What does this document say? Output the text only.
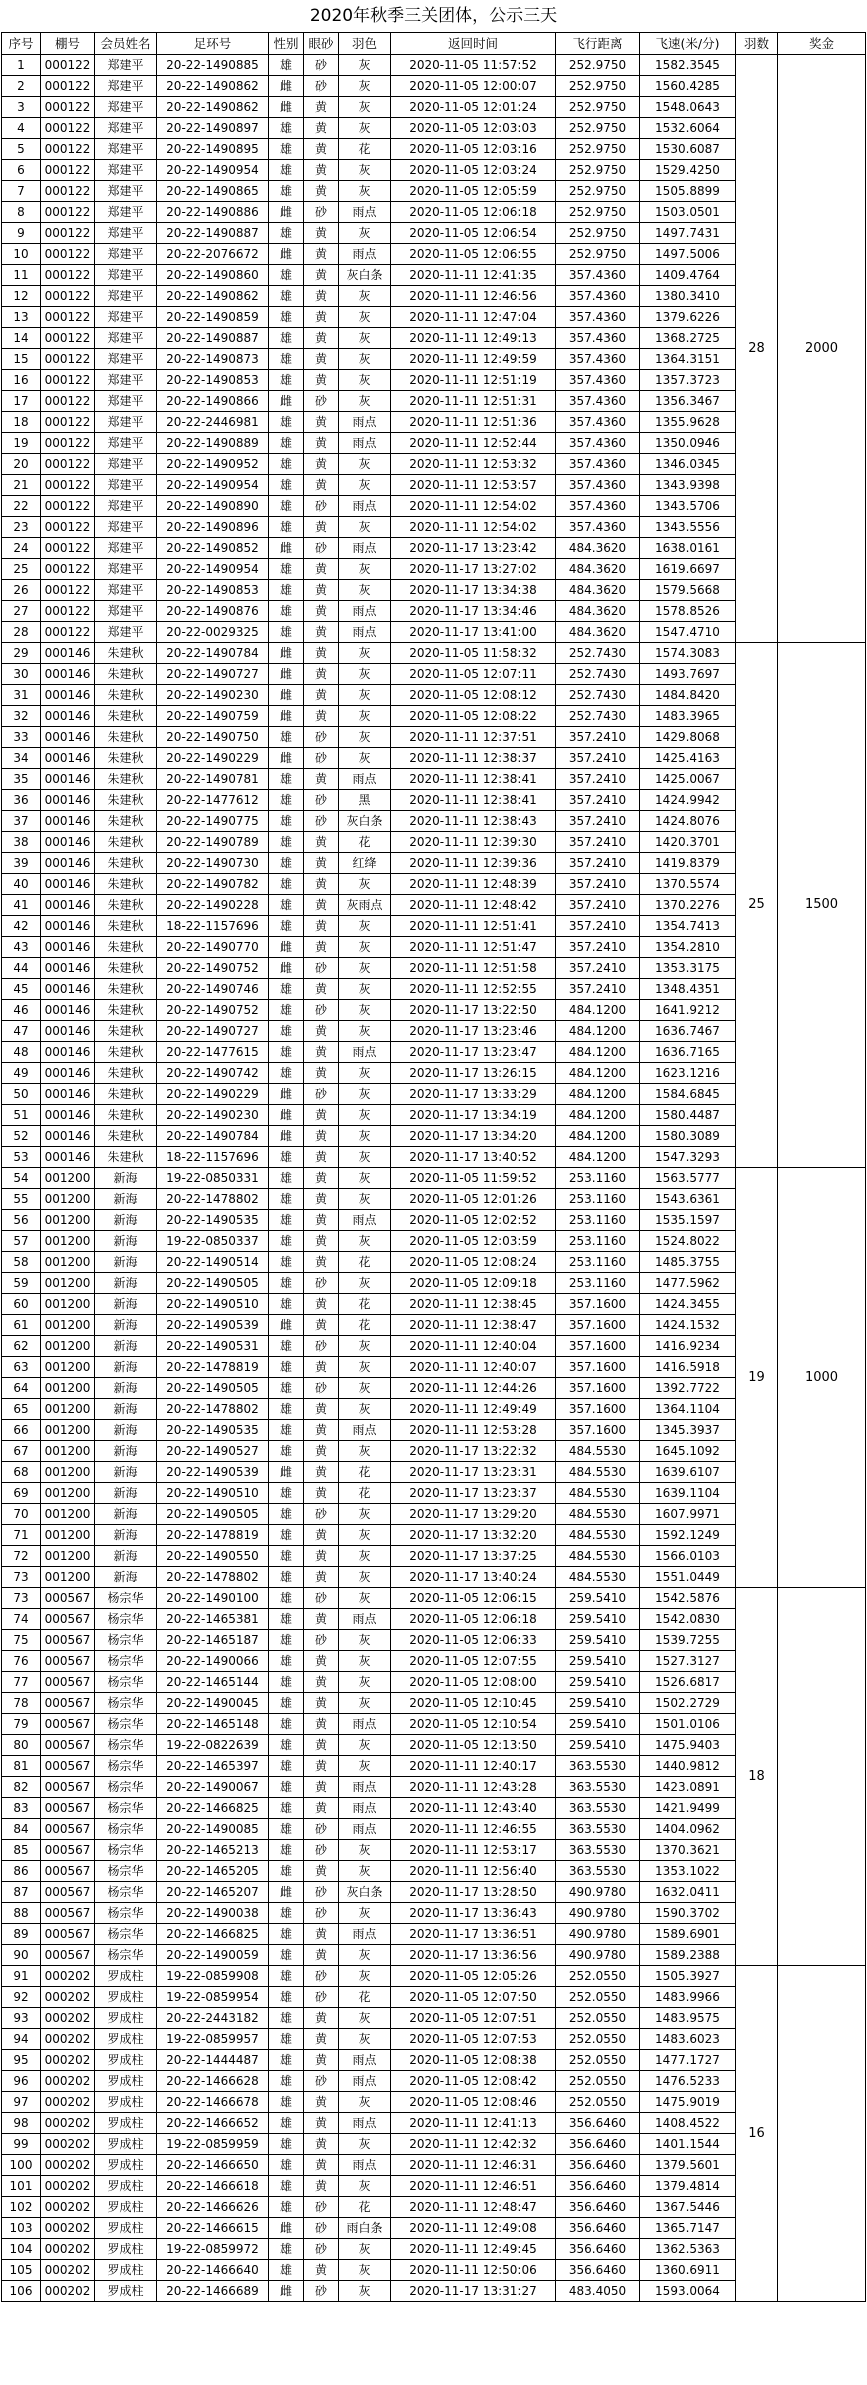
2020年秋季三关团体，公示三天
序号	棚号	会员姓名	足环号	性别	眼砂	羽色	返回时间	飞行距离	飞速(米/分)	羽数	奖金
1	000122	郑建平	20-22-1490885	雄	砂	灰	2020-11-05 11:57:52	252.9750	1582.3545	28	2000
2	000122	郑建平	20-22-1490862	雌	砂	灰	2020-11-05 12:00:07	252.9750	1560.4285		
3	000122	郑建平	20-22-1490862	雌	黄	灰	2020-11-05 12:01:24	252.9750	1548.0643		
4	000122	郑建平	20-22-1490897	雄	黄	灰	2020-11-05 12:03:03	252.9750	1532.6064		
5	000122	郑建平	20-22-1490895	雄	黄	花	2020-11-05 12:03:16	252.9750	1530.6087		
6	000122	郑建平	20-22-1490954	雄	黄	灰	2020-11-05 12:03:24	252.9750	1529.4250		
7	000122	郑建平	20-22-1490865	雄	黄	灰	2020-11-05 12:05:59	252.9750	1505.8899		
8	000122	郑建平	20-22-1490886	雌	砂	雨点	2020-11-05 12:06:18	252.9750	1503.0501		
9	000122	郑建平	20-22-1490887	雄	黄	灰	2020-11-05 12:06:54	252.9750	1497.7431		
10	000122	郑建平	20-22-2076672	雌	黄	雨点	2020-11-05 12:06:55	252.9750	1497.5006		
11	000122	郑建平	20-22-1490860	雄	黄	灰白条	2020-11-11 12:41:35	357.4360	1409.4764		
12	000122	郑建平	20-22-1490862	雄	黄	灰	2020-11-11 12:46:56	357.4360	1380.3410		
13	000122	郑建平	20-22-1490859	雄	黄	灰	2020-11-11 12:47:04	357.4360	1379.6226		
14	000122	郑建平	20-22-1490887	雄	黄	灰	2020-11-11 12:49:13	357.4360	1368.2725		
15	000122	郑建平	20-22-1490873	雄	黄	灰	2020-11-11 12:49:59	357.4360	1364.3151		
16	000122	郑建平	20-22-1490853	雄	黄	灰	2020-11-11 12:51:19	357.4360	1357.3723		
17	000122	郑建平	20-22-1490866	雌	砂	灰	2020-11-11 12:51:31	357.4360	1356.3467		
18	000122	郑建平	20-22-2446981	雄	黄	雨点	2020-11-11 12:51:36	357.4360	1355.9628		
19	000122	郑建平	20-22-1490889	雄	黄	雨点	2020-11-11 12:52:44	357.4360	1350.0946		
20	000122	郑建平	20-22-1490952	雄	黄	灰	2020-11-11 12:53:32	357.4360	1346.0345		
21	000122	郑建平	20-22-1490954	雄	黄	灰	2020-11-11 12:53:57	357.4360	1343.9398		
22	000122	郑建平	20-22-1490890	雄	砂	雨点	2020-11-11 12:54:02	357.4360	1343.5706		
23	000122	郑建平	20-22-1490896	雄	黄	灰	2020-11-11 12:54:02	357.4360	1343.5556		
24	000122	郑建平	20-22-1490852	雌	砂	雨点	2020-11-17 13:23:42	484.3620	1638.0161		
25	000122	郑建平	20-22-1490954	雄	黄	灰	2020-11-17 13:27:02	484.3620	1619.6697		
26	000122	郑建平	20-22-1490853	雄	黄	灰	2020-11-17 13:34:38	484.3620	1579.5668		
27	000122	郑建平	20-22-1490876	雄	黄	雨点	2020-11-17 13:34:46	484.3620	1578.8526		
28	000122	郑建平	20-22-0029325	雄	黄	雨点	2020-11-17 13:41:00	484.3620	1547.4710		
29	000146	朱建秋	20-22-1490784	雌	黄	灰	2020-11-05 11:58:32	252.7430	1574.3083	25	1500
30	000146	朱建秋	20-22-1490727	雌	黄	灰	2020-11-05 12:07:11	252.7430	1493.7697		
31	000146	朱建秋	20-22-1490230	雌	黄	灰	2020-11-05 12:08:12	252.7430	1484.8420		
32	000146	朱建秋	20-22-1490759	雌	黄	灰	2020-11-05 12:08:22	252.7430	1483.3965		
33	000146	朱建秋	20-22-1490750	雄	砂	灰	2020-11-11 12:37:51	357.2410	1429.8068		
34	000146	朱建秋	20-22-1490229	雌	砂	灰	2020-11-11 12:38:37	357.2410	1425.4163		
35	000146	朱建秋	20-22-1490781	雄	黄	雨点	2020-11-11 12:38:41	357.2410	1425.0067		
36	000146	朱建秋	20-22-1477612	雄	砂	黑	2020-11-11 12:38:41	357.2410	1424.9942		
37	000146	朱建秋	20-22-1490775	雄	砂	灰白条	2020-11-11 12:38:43	357.2410	1424.8076		
38	000146	朱建秋	20-22-1490789	雄	黄	花	2020-11-11 12:39:30	357.2410	1420.3701		
39	000146	朱建秋	20-22-1490730	雄	黄	红绛	2020-11-11 12:39:36	357.2410	1419.8379		
40	000146	朱建秋	20-22-1490782	雄	黄	灰	2020-11-11 12:48:39	357.2410	1370.5574		
41	000146	朱建秋	20-22-1490228	雄	黄	灰雨点	2020-11-11 12:48:42	357.2410	1370.2276		
42	000146	朱建秋	18-22-1157696	雄	黄	灰	2020-11-11 12:51:41	357.2410	1354.7413		
43	000146	朱建秋	20-22-1490770	雌	黄	灰	2020-11-11 12:51:47	357.2410	1354.2810		
44	000146	朱建秋	20-22-1490752	雌	砂	灰	2020-11-11 12:51:58	357.2410	1353.3175		
45	000146	朱建秋	20-22-1490746	雄	黄	灰	2020-11-11 12:52:55	357.2410	1348.4351		
46	000146	朱建秋	20-22-1490752	雄	砂	灰	2020-11-17 13:22:50	484.1200	1641.9212		
47	000146	朱建秋	20-22-1490727	雄	黄	灰	2020-11-17 13:23:46	484.1200	1636.7467		
48	000146	朱建秋	20-22-1477615	雄	黄	雨点	2020-11-17 13:23:47	484.1200	1636.7165		
49	000146	朱建秋	20-22-1490742	雄	黄	灰	2020-11-17 13:26:15	484.1200	1623.1216		
50	000146	朱建秋	20-22-1490229	雌	砂	灰	2020-11-17 13:33:29	484.1200	1584.6845		
51	000146	朱建秋	20-22-1490230	雌	黄	灰	2020-11-17 13:34:19	484.1200	1580.4487		
52	000146	朱建秋	20-22-1490784	雌	黄	灰	2020-11-17 13:34:20	484.1200	1580.3089		
53	000146	朱建秋	18-22-1157696	雄	黄	灰	2020-11-17 13:40:52	484.1200	1547.3293		
54	001200	新海	19-22-0850331	雄	黄	灰	2020-11-05 11:59:52	253.1160	1563.5777	19	1000
55	001200	新海	20-22-1478802	雄	黄	灰	2020-11-05 12:01:26	253.1160	1543.6361		
56	001200	新海	20-22-1490535	雄	黄	雨点	2020-11-05 12:02:52	253.1160	1535.1597		
57	001200	新海	19-22-0850337	雄	黄	灰	2020-11-05 12:03:59	253.1160	1524.8022		
58	001200	新海	20-22-1490514	雄	黄	花	2020-11-05 12:08:24	253.1160	1485.3755		
59	001200	新海	20-22-1490505	雄	砂	灰	2020-11-05 12:09:18	253.1160	1477.5962		
60	001200	新海	20-22-1490510	雄	黄	花	2020-11-11 12:38:45	357.1600	1424.3455		
61	001200	新海	20-22-1490539	雌	黄	花	2020-11-11 12:38:47	357.1600	1424.1532		
62	001200	新海	20-22-1490531	雄	砂	灰	2020-11-11 12:40:04	357.1600	1416.9234		
63	001200	新海	20-22-1478819	雄	黄	灰	2020-11-11 12:40:07	357.1600	1416.5918		
64	001200	新海	20-22-1490505	雄	砂	灰	2020-11-11 12:44:26	357.1600	1392.7722		
65	001200	新海	20-22-1478802	雄	黄	灰	2020-11-11 12:49:49	357.1600	1364.1104		
66	001200	新海	20-22-1490535	雄	黄	雨点	2020-11-11 12:53:28	357.1600	1345.3937		
67	001200	新海	20-22-1490527	雄	黄	灰	2020-11-17 13:22:32	484.5530	1645.1092		
68	001200	新海	20-22-1490539	雌	黄	花	2020-11-17 13:23:31	484.5530	1639.6107		
69	001200	新海	20-22-1490510	雄	黄	花	2020-11-17 13:23:37	484.5530	1639.1104		
70	001200	新海	20-22-1490505	雄	砂	灰	2020-11-17 13:29:20	484.5530	1607.9971		
71	001200	新海	20-22-1478819	雄	黄	灰	2020-11-17 13:32:20	484.5530	1592.1249		
72	001200	新海	20-22-1490550	雄	黄	灰	2020-11-17 13:37:25	484.5530	1566.0103		
73	001200	新海	20-22-1478802	雄	黄	灰	2020-11-17 13:40:24	484.5530	1551.0449		
73	000567	杨宗华	20-22-1490100	雄	砂	灰	2020-11-05 12:06:15	259.5410	1542.5876	18	
74	000567	杨宗华	20-22-1465381	雄	黄	雨点	2020-11-05 12:06:18	259.5410	1542.0830		
75	000567	杨宗华	20-22-1465187	雄	砂	灰	2020-11-05 12:06:33	259.5410	1539.7255		
76	000567	杨宗华	20-22-1490066	雄	黄	灰	2020-11-05 12:07:55	259.5410	1527.3127		
77	000567	杨宗华	20-22-1465144	雄	黄	灰	2020-11-05 12:08:00	259.5410	1526.6817		
78	000567	杨宗华	20-22-1490045	雄	黄	灰	2020-11-05 12:10:45	259.5410	1502.2729		
79	000567	杨宗华	20-22-1465148	雄	黄	雨点	2020-11-05 12:10:54	259.5410	1501.0106		
80	000567	杨宗华	19-22-0822639	雄	黄	灰	2020-11-05 12:13:50	259.5410	1475.9403		
81	000567	杨宗华	20-22-1465397	雄	黄	灰	2020-11-11 12:40:17	363.5530	1440.9812		
82	000567	杨宗华	20-22-1490067	雄	黄	雨点	2020-11-11 12:43:28	363.5530	1423.0891		
83	000567	杨宗华	20-22-1466825	雄	黄	雨点	2020-11-11 12:43:40	363.5530	1421.9499		
84	000567	杨宗华	20-22-1490085	雄	砂	雨点	2020-11-11 12:46:55	363.5530	1404.0962		
85	000567	杨宗华	20-22-1465213	雄	砂	灰	2020-11-11 12:53:17	363.5530	1370.3621		
86	000567	杨宗华	20-22-1465205	雄	黄	灰	2020-11-11 12:56:40	363.5530	1353.1022		
87	000567	杨宗华	20-22-1465207	雌	砂	灰白条	2020-11-17 13:28:50	490.9780	1632.0411		
88	000567	杨宗华	20-22-1490038	雄	砂	灰	2020-11-17 13:36:43	490.9780	1590.3702		
89	000567	杨宗华	20-22-1466825	雄	黄	雨点	2020-11-17 13:36:51	490.9780	1589.6901		
90	000567	杨宗华	20-22-1490059	雄	黄	灰	2020-11-17 13:36:56	490.9780	1589.2388		
91	000202	罗成柱	19-22-0859908	雄	砂	灰	2020-11-05 12:05:26	252.0550	1505.3927	16	
92	000202	罗成柱	19-22-0859954	雄	砂	花	2020-11-05 12:07:50	252.0550	1483.9966		
93	000202	罗成柱	20-22-2443182	雄	黄	灰	2020-11-05 12:07:51	252.0550	1483.9575		
94	000202	罗成柱	19-22-0859957	雄	黄	灰	2020-11-05 12:07:53	252.0550	1483.6023		
95	000202	罗成柱	20-22-1444487	雄	黄	雨点	2020-11-05 12:08:38	252.0550	1477.1727		
96	000202	罗成柱	20-22-1466628	雄	砂	雨点	2020-11-05 12:08:42	252.0550	1476.5233		
97	000202	罗成柱	20-22-1466678	雄	黄	灰	2020-11-05 12:08:46	252.0550	1475.9019		
98	000202	罗成柱	20-22-1466652	雄	黄	雨点	2020-11-11 12:41:13	356.6460	1408.4522		
99	000202	罗成柱	19-22-0859959	雄	黄	灰	2020-11-11 12:42:32	356.6460	1401.1544		
100	000202	罗成柱	20-22-1466650	雄	黄	雨点	2020-11-11 12:46:31	356.6460	1379.5601		
101	000202	罗成柱	20-22-1466618	雄	黄	灰	2020-11-11 12:46:51	356.6460	1379.4814		
102	000202	罗成柱	20-22-1466626	雄	砂	花	2020-11-11 12:48:47	356.6460	1367.5446		
103	000202	罗成柱	20-22-1466615	雌	砂	雨白条	2020-11-11 12:49:08	356.6460	1365.7147		
104	000202	罗成柱	19-22-0859972	雄	砂	灰	2020-11-11 12:49:45	356.6460	1362.5363		
105	000202	罗成柱	20-22-1466640	雄	黄	灰	2020-11-11 12:50:06	356.6460	1360.6911		
106	000202	罗成柱	20-22-1466689	雌	砂	灰	2020-11-17 13:31:27	483.4050	1593.0064		
